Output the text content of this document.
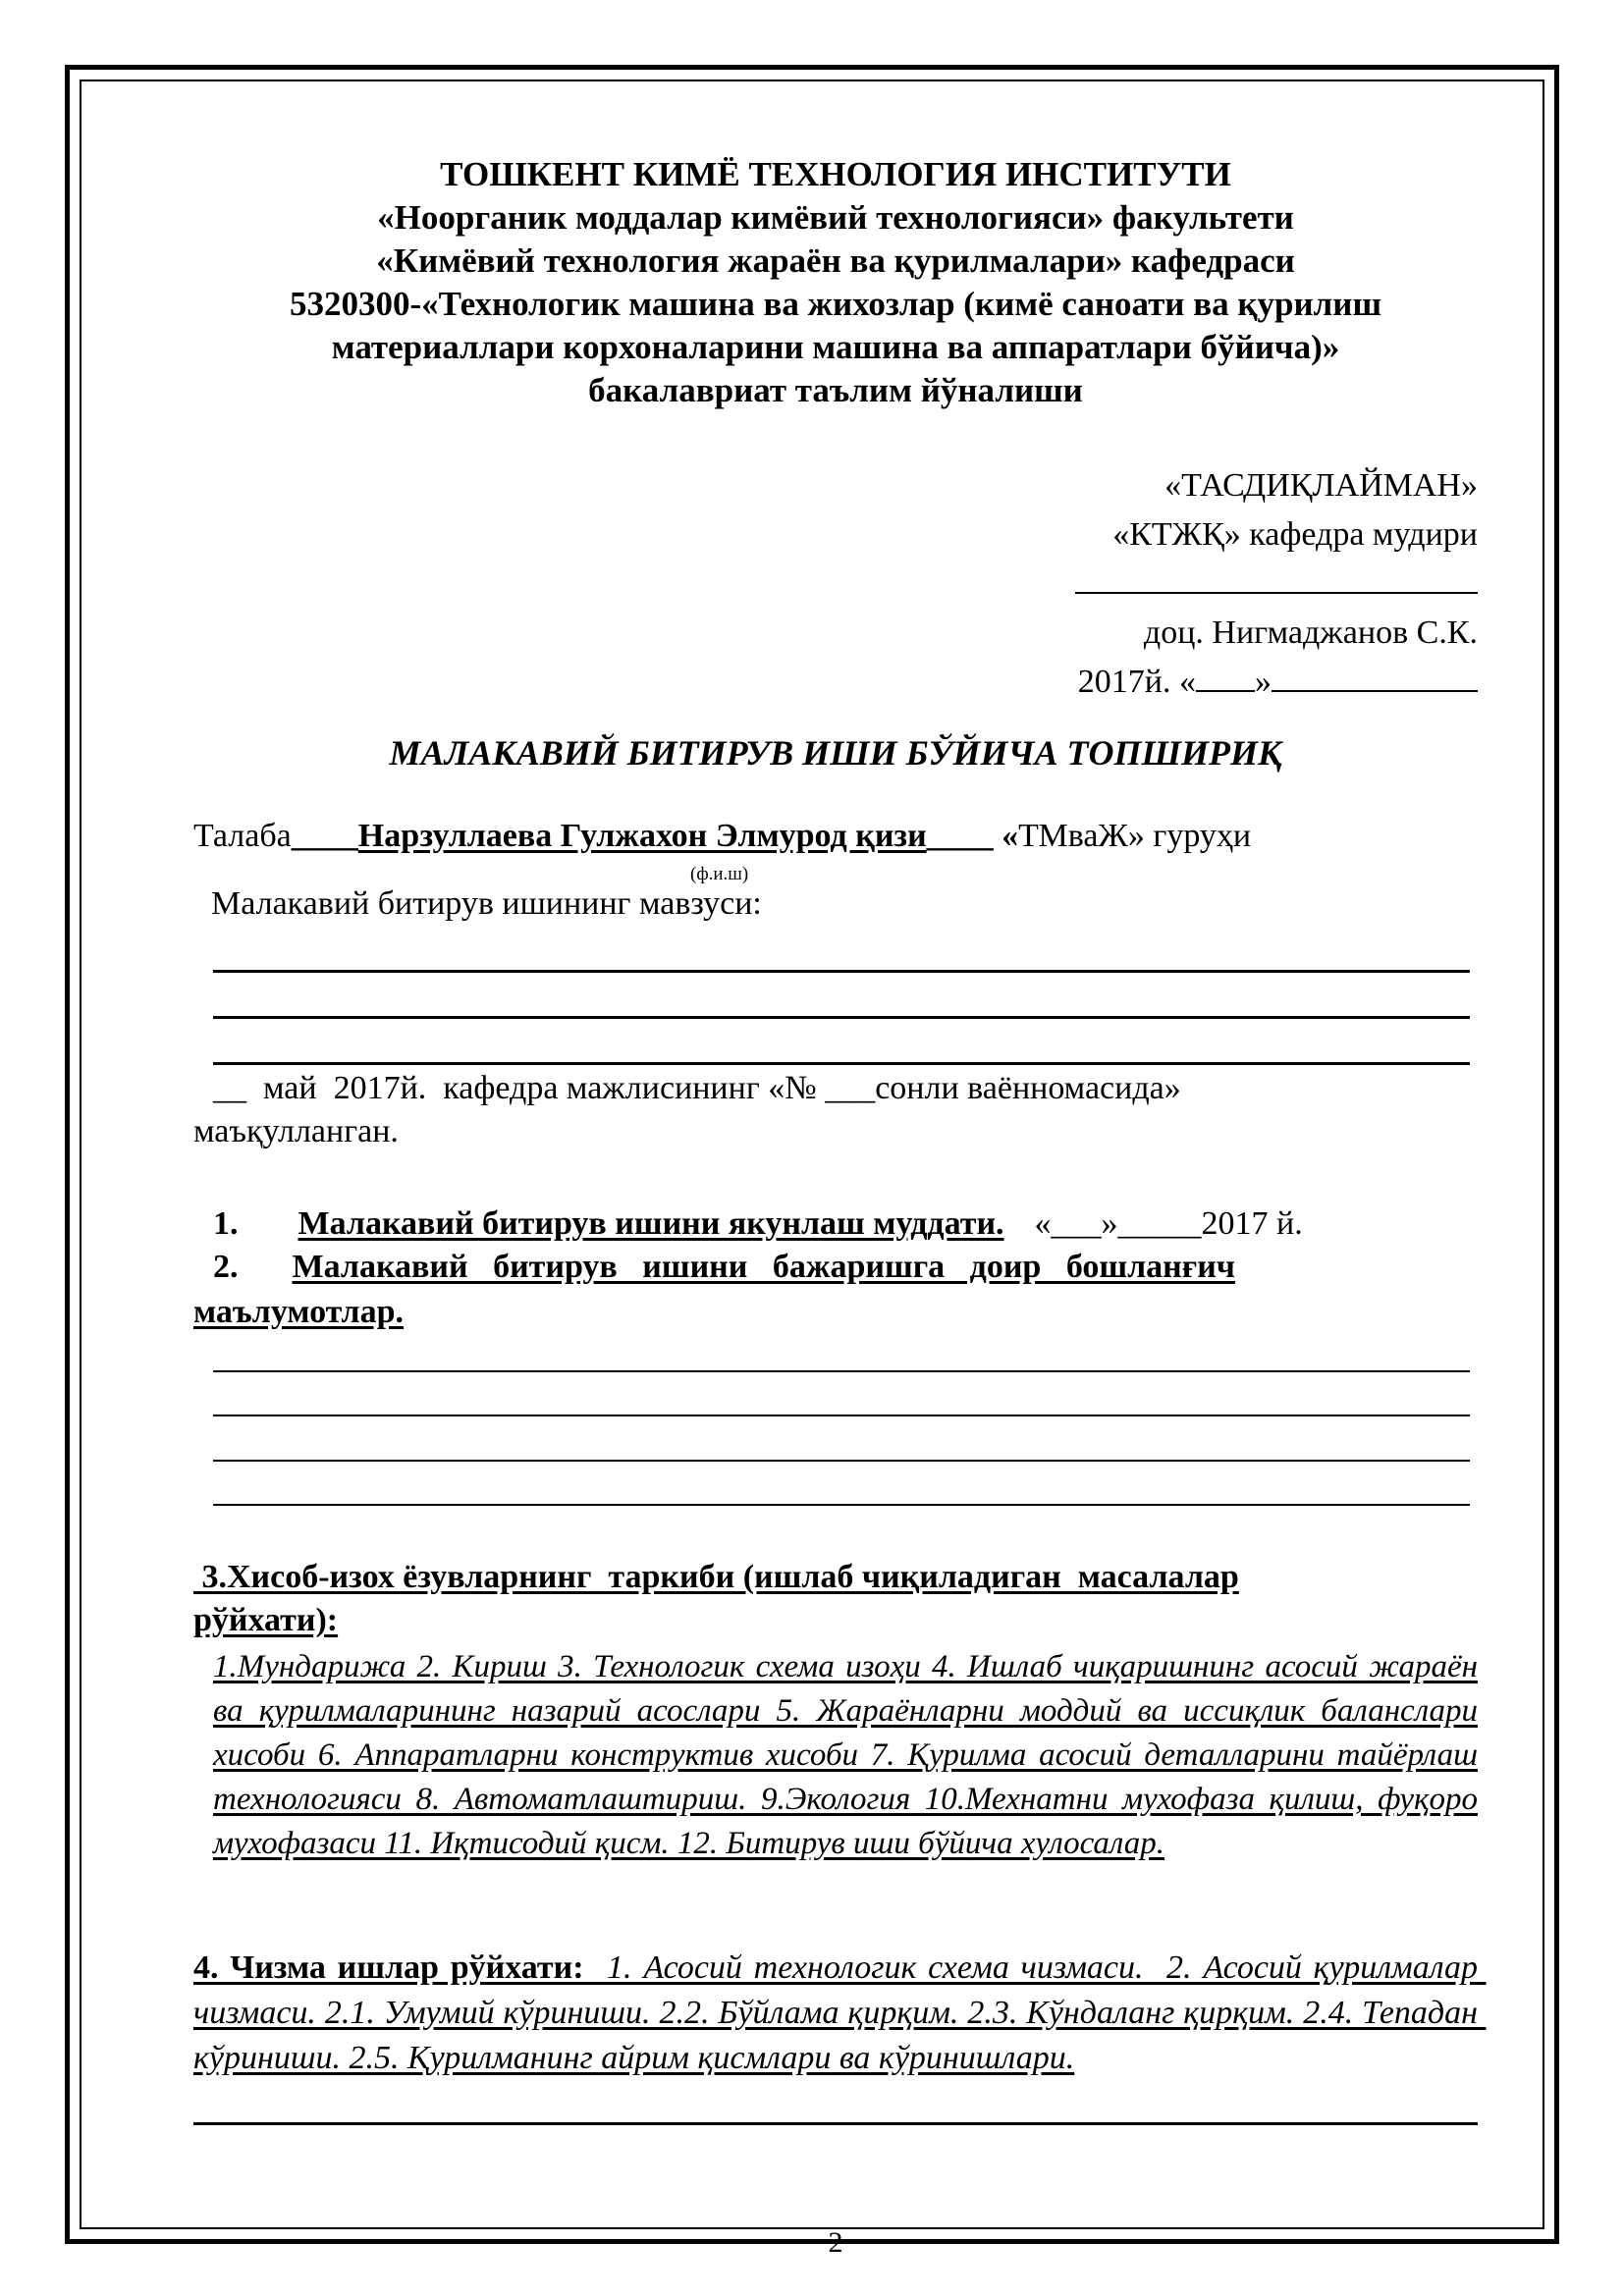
ТОШКЕНТ КИМЁ ТЕХНОЛОГИЯ ИНСТИТУТИ
«Ноорганик моддалар кимёвий технологияси» факультети
«Кимёвий технология жараён ва қурилмалари» кафедраси
5320300-«Технологик машина ва жихозлар (кимё саноати ва қурилиш
материаллари корхоналарини машина ва аппаратлари бўйича)»
бакалавриат таълим йўналиши
«ТАСДИҚЛАЙМАН»
«КТЖҚ» кафедра мудири
доц. Нигмаджанов С.К.
2017й. « »
МАЛАКАВИЙ БИТИРУВ ИШИ БЎЙИЧА ТОПШИРИҚ
Талаба____Нарзуллаева Гулжахон Элмурод қизи____ «ТМваЖ» гуруҳи
(ф.и.ш)
Малакавий битирув ишининг мавзуси:
__  май  2017й.  кафедра мажлисининг «№ ___сонли ваённомасида»
маъқулланган.
1. Малакавий битирув ишини якунлаш муддати. «___»_____2017 й.
2. Малакавий   битирув   ишини   бажаришга   доир   бошланғич
маълумотлар.
3.Хисоб-изох ёзувларнинг  таркиби (ишлаб чиқиладиган  масалалар
рўйхати):
1.Мундарижа 2. Кириш 3. Технологик схема изоҳи 4. Ишлаб чиқаришнинг асосий жараён ва қурилмаларининг назарий асослари 5. Жараёнларни моддий ва иссиқлик баланслари хисоби 6. Аппаратларни конструктив хисоби 7. Қурилма асосий деталларини тайёрлаш технологияси 8. Автоматлаштириш. 9.Экология 10.Мехнатни мухофаза қилиш, фуқоро мухофазаси 11. Иқтисодий қисм. 12. Битирув иши бўйича хулосалар.
4. Чизма ишлар рўйхати:  1. Асосий технологик схема чизмаси.  2. Асосий қурилмалар чизмаси. 2.1. Умумий кўриниши. 2.2. Бўйлама қирқим. 2.3. Кўндаланг қирқим. 2.4. Тепадан кўриниши. 2.5. Қурилманинг айрим қисмлари ва кўринишлари.
2
